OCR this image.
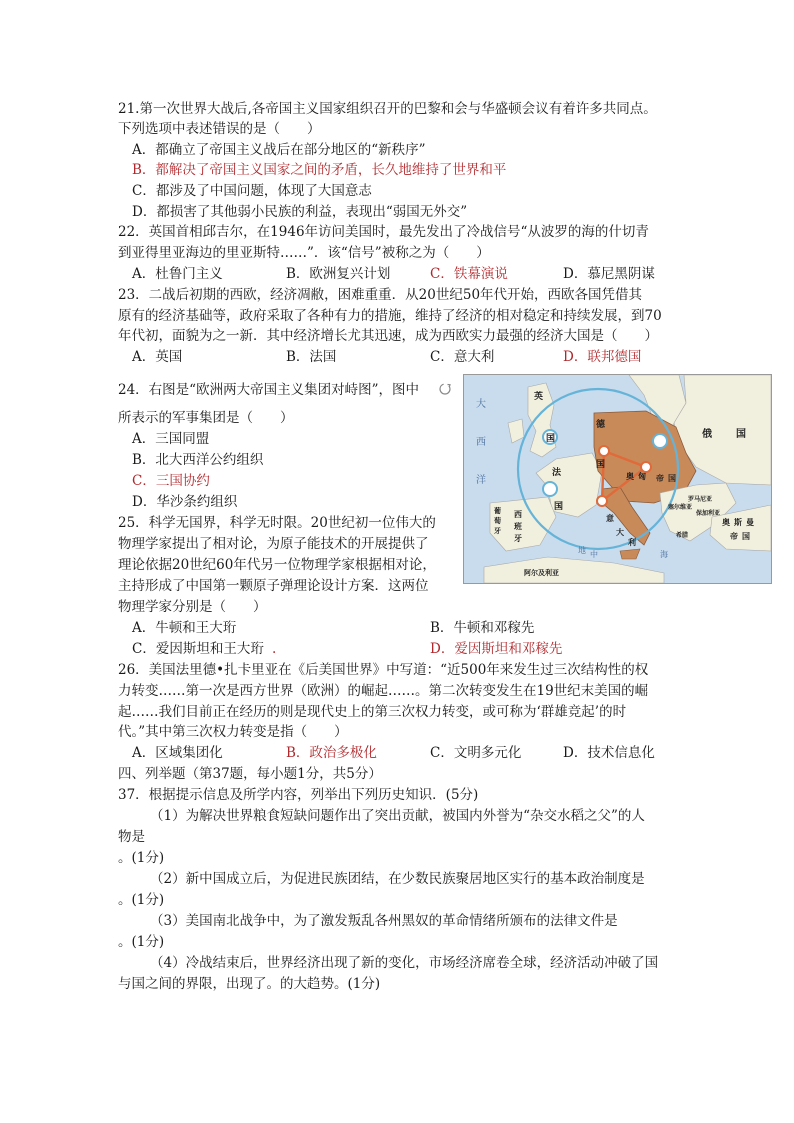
21.第一次世界大战后,各帝国主义国家组织召开的巴黎和会与华盛顿会议有着许多共同点。
下列选项中表述错误的是（　　）
A．都确立了帝国主义战后在部分地区的“新秩序”
B．都解决了帝国主义国家之间的矛盾，长久地维持了世界和平
C．都涉及了中国问题，体现了大国意志
D．都损害了其他弱小民族的利益，表现出“弱国无外交”
22．英国首相邱吉尔，在1946年访问美国时，最先发出了冷战信号“从波罗的海的什切青
到亚得里亚海边的里亚斯特……”．该“信号”被称之为（　　）
A．杜鲁门主义	B．欧洲复兴计划	C．铁幕演说	D．慕尼黑阴谋
23．二战后初期的西欧，经济凋敝，困难重重．从20世纪50年代开始，西欧各国凭借其
原有的经济基础等，政府采取了各种有力的措施，维持了经济的相对稳定和持续发展，到70
年代初，面貌为之一新．其中经济增长尤其迅速，成为西欧实力最强的经济大国是（　　）
A．英国	B．法国	C．意大利	D．联邦德国
24．右图是“欧洲两大帝国主义集团对峙图”，图中
所表示的军事集团是（　　）
A．三国同盟
B．北大西洋公约组织
C．三国协约
D．华沙条约组织
大
西
洋
英
国
法
国
德
国
俄 国
奥 匈 帝 国
意
大
利
西
班
牙
葡
萄
牙
罗马尼亚
保加利亚
塞尔维亚
希腊
奥 斯 曼
帝 国
阿尔及利亚
地 中	海
25．科学无国界，科学无时限。20世纪初一位伟大的
物理学家提出了相对论，为原子能技术的开展提供了
理论依据20世纪60年代另一位物理学家根据相对论，
主持形成了中国第一颗原子弹理论设计方案．这两位
物理学家分别是（　　）
A．牛顿和王大珩	B．牛顿和邓稼先
C．爱因斯坦和王大珩 .	D．爱因斯坦和邓稼先
26．美国法里德•扎卡里亚在《后美国世界》中写道：“近500年来发生过三次结构性的权
力转变……第一次是西方世界（欧洲）的崛起……。第二次转变发生在19世纪末美国的崛
起……我们目前正在经历的则是现代史上的第三次权力转变，或可称为‘群雄竞起’的时
代。”其中第三次权力转变是指（　　）
A．区域集团化	B．政治多极化	C．文明多元化	D．技术信息化
四、列举题（第37题，每小题1分，共5分）
37．根据提示信息及所学内容，列举出下列历史知识．(5分)
（1）为解决世界粮食短缺问题作出了突出贡献，被国内外誉为“杂交水稻之父”的人
物是
。(1分)
（2）新中国成立后，为促进民族团结，在少数民族聚居地区实行的基本政治制度是
。(1分)
（3）美国南北战争中，为了激发叛乱各州黑奴的革命情绪所颁布的法律文件是
。(1分)
（4）冷战结束后，世界经济出现了新的变化，市场经济席卷全球，经济活动冲破了国
与国之间的界限，出现了。的大趋势。(1分)
